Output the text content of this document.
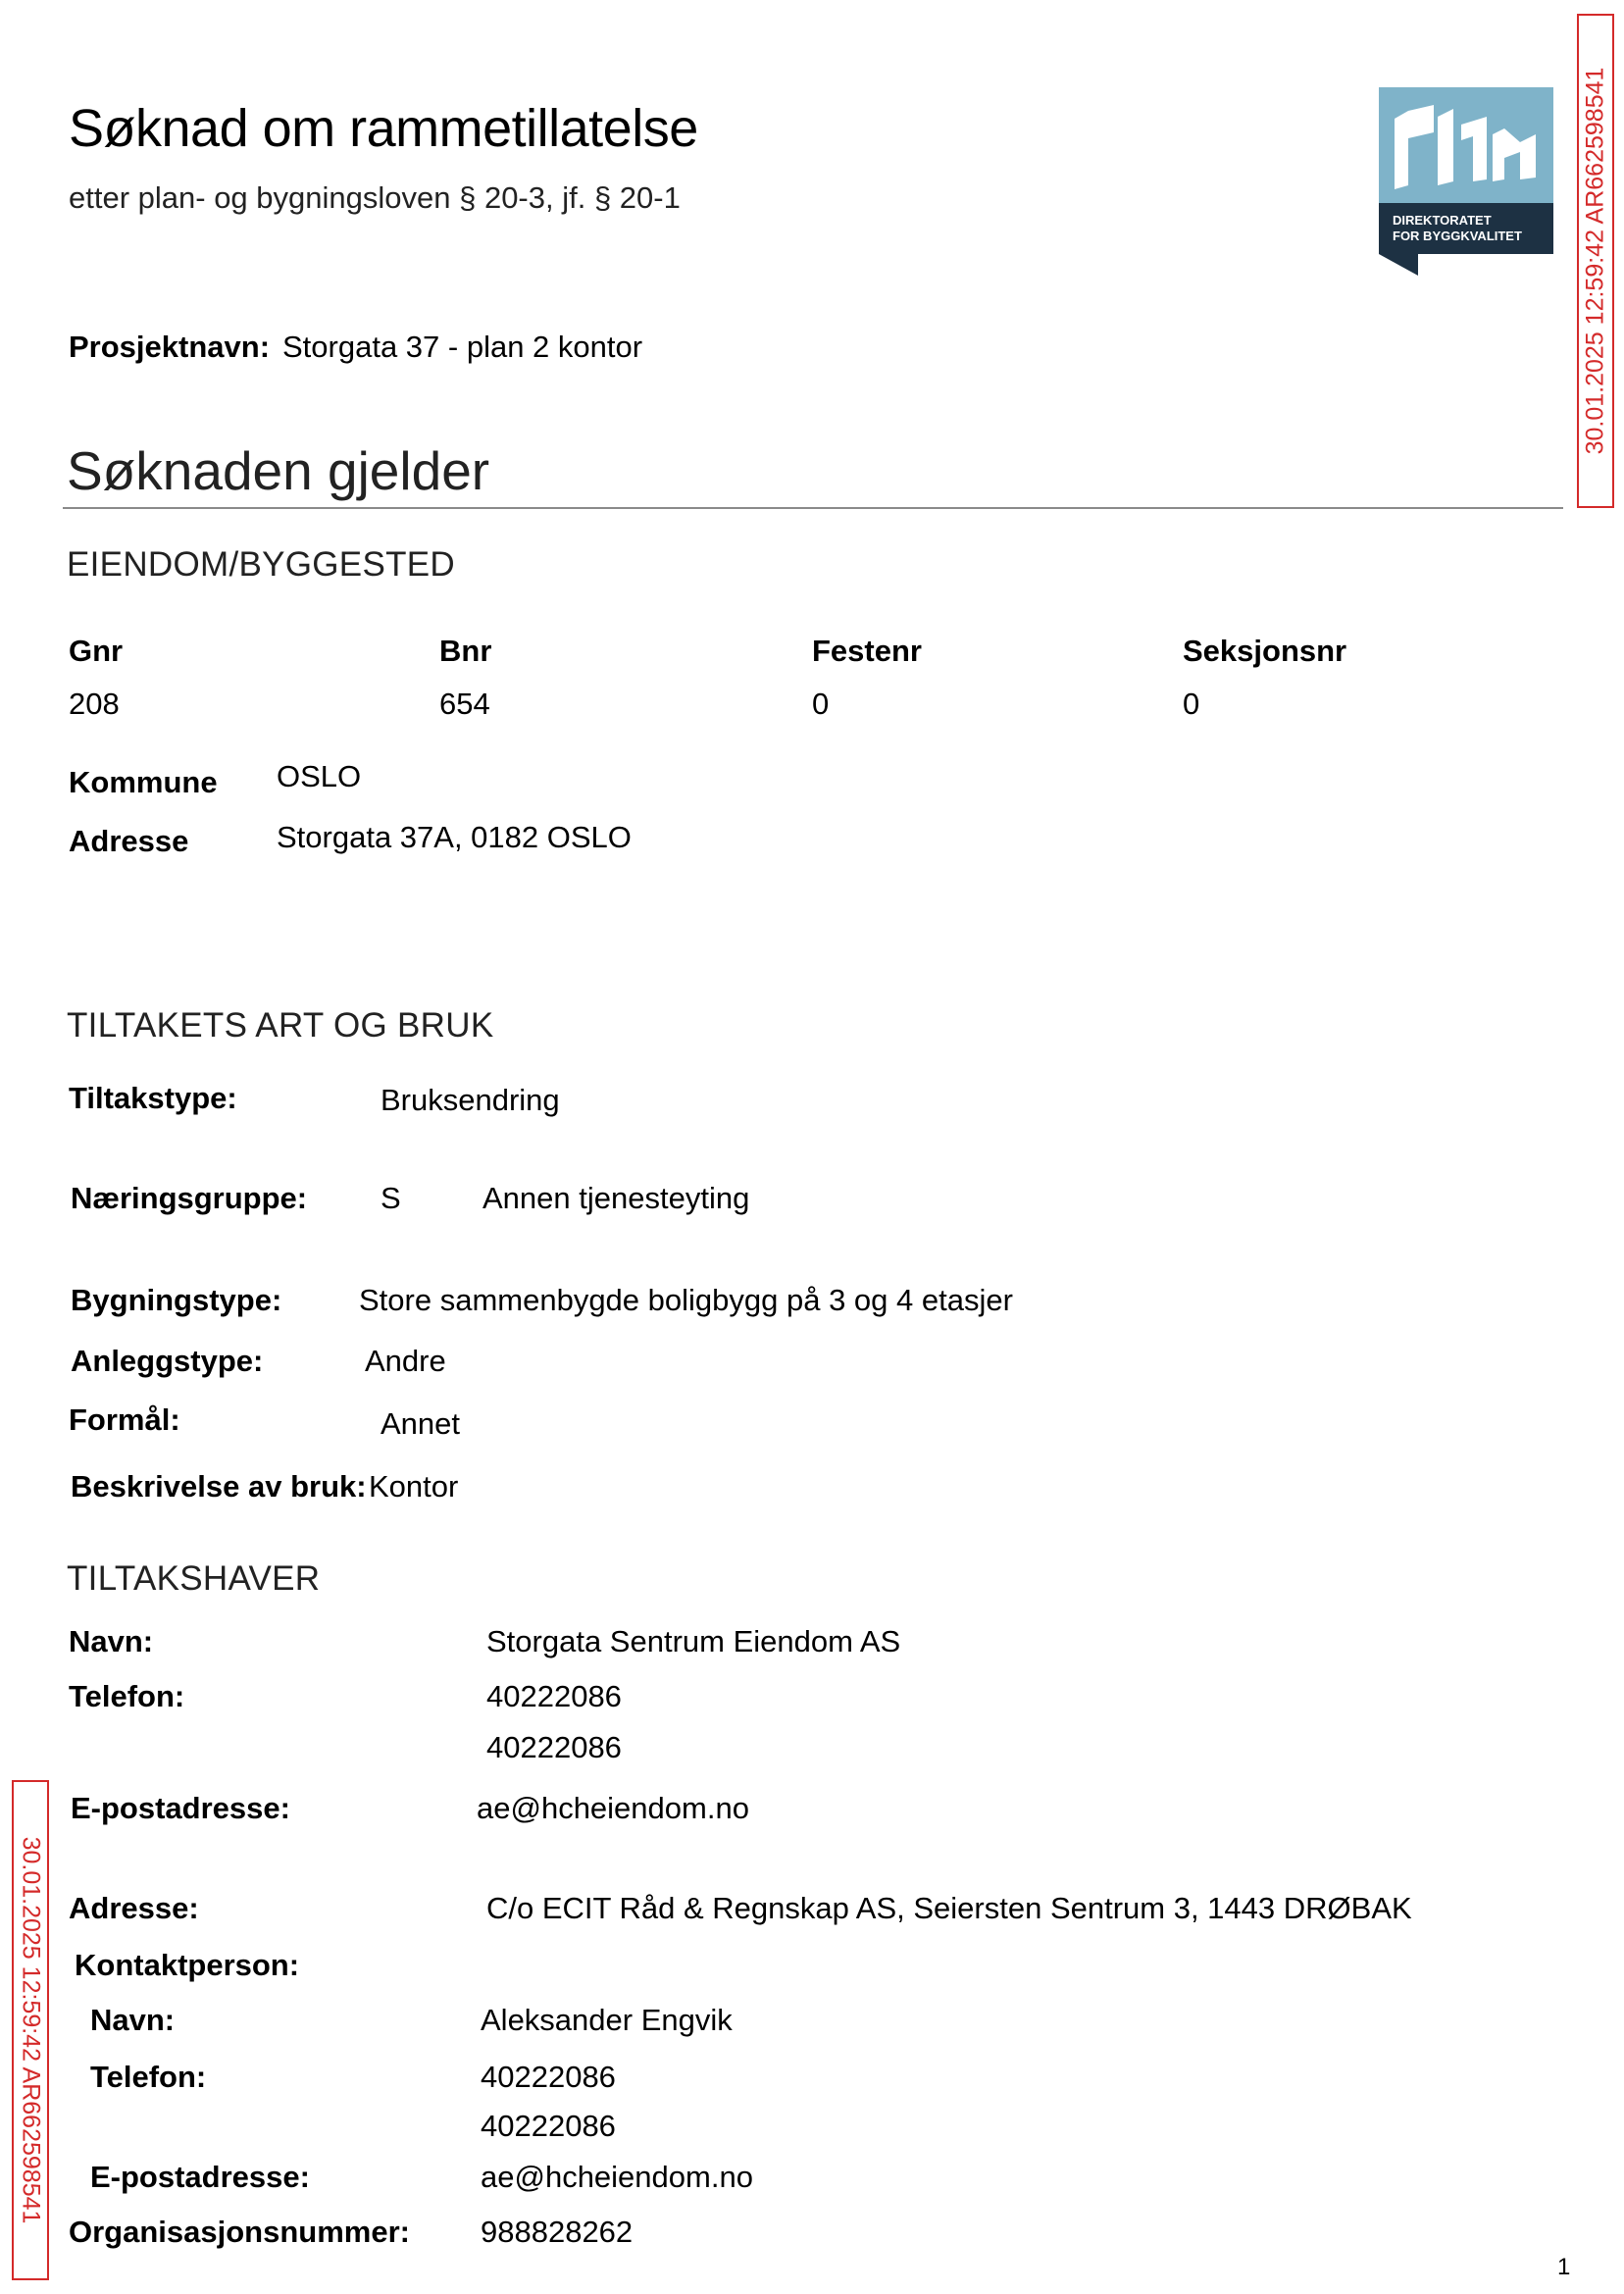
Søknad om rammetillatelse
etter plan- og bygningsloven § 20-3, jf. § 20-1
DIREKTORATET
FOR BYGGKVALITET 30.01.2025 12:59:42 AR662598541
Prosjektnavn: Storgata 37 - plan 2 kontor
Søknaden gjelder
EIENDOM/BYGGESTED
Gnr	Bnr	Festenr	Seksjonsnr
208	654	0	0
Kommune OSLO
Adresse	Storgata 37A, 0182 OSLO
TILTAKETS ART OG BRUK
Tiltakstype:	Bruksendring
Næringsgruppe: S	Annen tjenesteyting
Bygningstype:	Store sammenbygde boligbygg på 3 og 4 etasjer
Anleggstype:	Andre
Formål:	Annet
Beskrivelse av bruk: Kontor
TILTAKSHAVER
Navn:	Storgata Sentrum Eiendom AS
Telefon:	40222086
40222086
E-postadresse:	ae@hcheiendom.no
Adresse:	C/o ECIT Råd & Regnskap AS, Seiersten Sentrum 3, 1443 DRØBAK
Kontaktperson:
Navn:	Aleksander Engvik
Telefon:	40222086
40222086
E-postadresse:	ae@hcheiendom.no
Organisasjonsnummer: 988828262
30.01.2025 12:59:42 AR662598541
1
